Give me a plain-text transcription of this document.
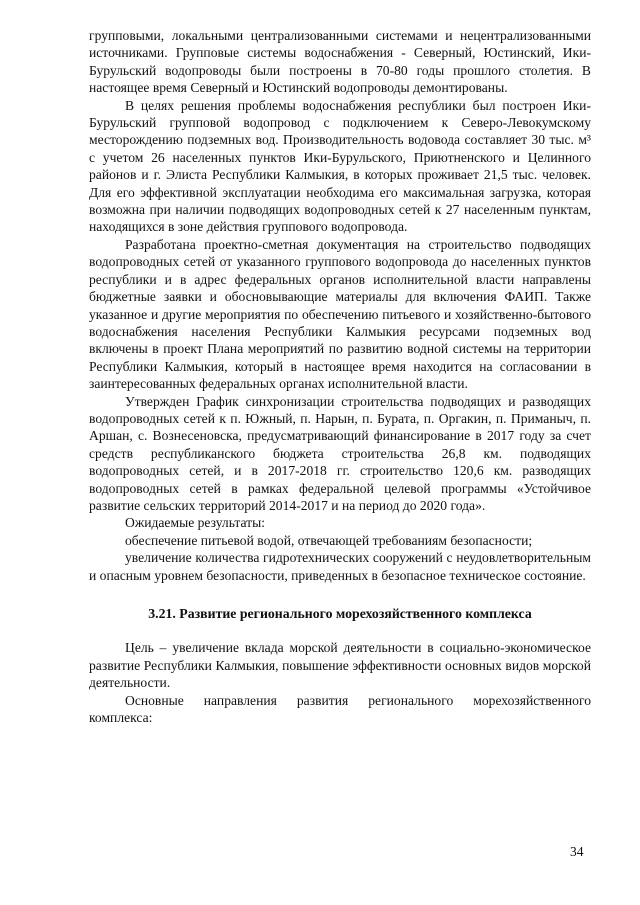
групповыми, локальными централизованными системами и нецентрализованными источниками. Групповые системы водоснабжения - Северный, Юстинский, Ики-Бурульский водопроводы были построены в 70-80 годы прошлого столетия. В настоящее время Северный и Юстинский водопроводы демонтированы.

В целях решения проблемы водоснабжения республики был построен Ики-Бурульский групповой водопровод с подключением к Северо-Левокумскому месторождению подземных вод. Производительность водовода составляет 30 тыс. м³ с учетом 26 населенных пунктов Ики-Бурульского, Приютненского и Целинного районов и г. Элиста Республики Калмыкия, в которых проживает 21,5 тыс. человек. Для его эффективной эксплуатации необходима его максимальная загрузка, которая возможна при наличии подводящих водопроводных сетей к 27 населенным пунктам, находящихся в зоне действия группового водопровода.

Разработана проектно-сметная документация на строительство подводящих водопроводных сетей от указанного группового водопровода до населенных пунктов республики и в адрес федеральных органов исполнительной власти направлены бюджетные заявки и обосновывающие материалы для включения ФАИП. Также указанное и другие мероприятия по обеспечению питьевого и хозяйственно-бытового водоснабжения населения Республики Калмыкия ресурсами подземных вод включены в проект Плана мероприятий по развитию водной системы на территории Республики Калмыкия, который в настоящее время находится на согласовании в заинтересованных федеральных органах исполнительной власти.

Утвержден График синхронизации строительства подводящих и разводящих водопроводных сетей к п. Южный, п. Нарын, п. Бурата, п. Оргакин, п. Приманыч, п. Аршан, с. Вознесеновска, предусматривающий финансирование в 2017 году за счет средств республиканского бюджета строительства 26,8 км. подводящих водопроводных сетей, и в 2017-2018 гг. строительство 120,6 км. разводящих водопроводных сетей в рамках федеральной целевой программы «Устойчивое развитие сельских территорий 2014-2017 и на период до 2020 года».

Ожидаемые результаты:

обеспечение питьевой водой, отвечающей требованиям безопасности;

увеличение количества гидротехнических сооружений с неудовлетворительным и опасным уровнем безопасности, приведенных в безопасное техническое состояние.

3.21. Развитие регионального морехозяйственного комплекса

Цель – увеличение вклада морской деятельности в социально-экономическое развитие Республики Калмыкия, повышение эффективности основных видов морской деятельности.

Основные направления развития регионального морехозяйственного комплекса:

34
